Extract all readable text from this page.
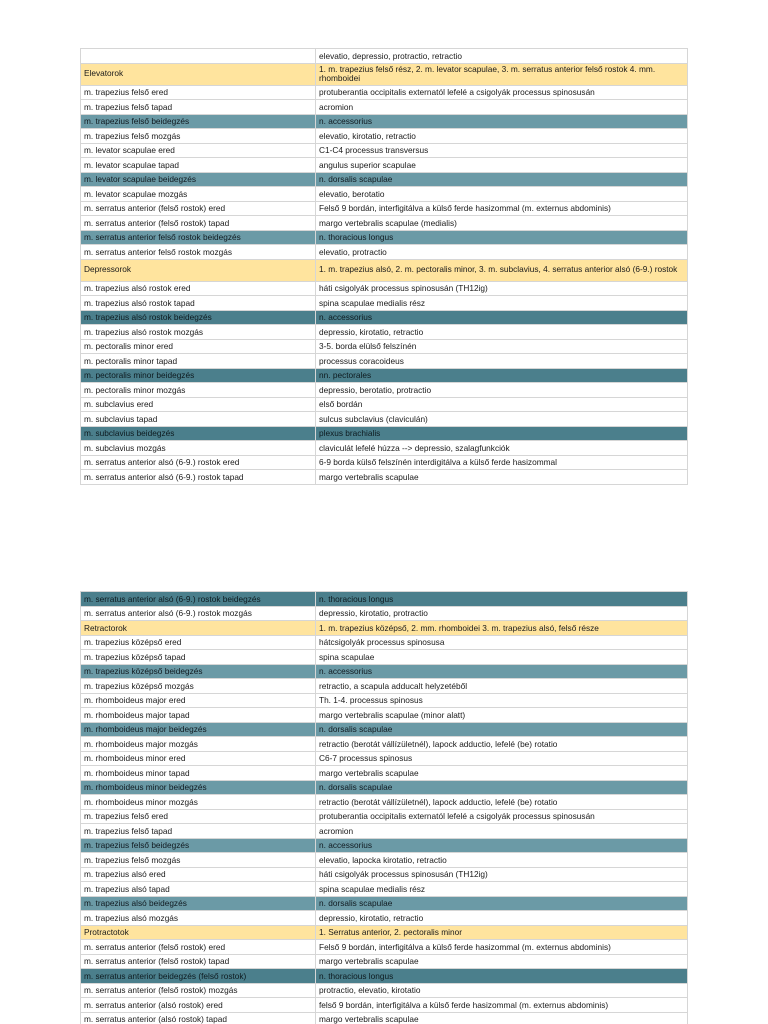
	elevatio, depressio, protractio, retractio
Elevatorok	1. m. trapezius felső rész, 2. m. levator scapulae, 3. m. serratus anterior felső rostok 4. mm. rhomboidei
m. trapezius felső ered	protuberantia occipitalis externatól lefelé a csigolyák processus spinosusán
m. trapezius felső tapad	acromion
m. trapezius felső beidegzés	n. accessorius
m. trapezius felső mozgás	elevatio, kirotatio, retractio
m. levator scapulae ered	C1-C4 processus transversus
m. levator scapulae tapad	angulus superior scapulae
m. levator scapulae beidegzés	n. dorsalis scapulae
m. levator scapulae mozgás	elevatio, berotatio
m. serratus anterior (felső rostok) ered	Felső 9 bordán, interfigitálva a külső ferde hasizommal (m. externus abdominis)
m. serratus anterior (felső rostok) tapad	margo vertebralis scapulae (medialis)
m. serratus anterior felső rostok beidegzés	n. thoracious longus
m. serratus anterior felső rostok mozgás	elevatio, protractio
Depressorok	1. m. trapezius alsó, 2. m. pectoralis minor, 3. m. subclavius, 4. serratus anterior alsó (6-9.) rostok
m. trapezius alsó rostok ered	háti csigolyák processus spinosusán (TH12ig)
m. trapezius alsó rostok tapad	spina scapulae medialis rész
m. trapezius alsó rostok beidegzés	n. accessorius
m. trapezius alsó rostok mozgás	depressio, kirotatio, retractio
m. pectoralis minor ered	3-5. borda elülső felszínén
m. pectoralis minor tapad	processus coracoideus
m. pectoralis minor beidegzés	nn. pectorales
m. pectoralis minor mozgás	depressio, berotatio, protractio
m. subclavius ered	első bordán
m. subclavius tapad	sulcus subclavius (claviculán)
m. subclavius beidegzés	plexus brachialis
m. subclavius mozgás	claviculát lefelé húzza --> depressio, szalagfunkciók
m. serratus anterior alsó (6-9.) rostok ered	6-9 borda külső felszínén interdigitálva a külső ferde hasizommal
m. serratus anterior alsó (6-9.) rostok tapad	margo vertebralis scapulae
m. serratus anterior alsó (6-9.) rostok beidegzés	n. thoracious longus
m. serratus anterior alsó (6-9.) rostok mozgás	depressio, kirotatio, protractio
Retractorok	1. m. trapezius középső, 2. mm. rhomboidei 3. m. trapezius alsó, felső része
m. trapezius középső ered	hátcsigolyák processus spinosusa
m. trapezius középső tapad	spina scapulae
m. trapezius középső beidegzés	n. accessorius
m. trapezius középső mozgás	retractio, a scapula adducalt helyzetéből
m. rhomboideus major ered	Th. 1-4. processus spinosus
m. rhomboideus major tapad	margo vertebralis scapulae (minor alatt)
m. rhomboideus major beidegzés	n. dorsalis scapulae
m. rhomboideus major mozgás	retractio (berotát vállízületnél), lapock adductio, lefelé (be) rotatio
m. rhomboideus minor ered	C6-7 processus spinosus
m. rhomboideus minor tapad	margo vertebralis scapulae
m. rhomboideus minor beidegzés	n. dorsalis scapulae
m. rhomboideus minor mozgás	retractio (berotát vállízületnél), lapock adductio, lefelé (be) rotatio
m. trapezius felső ered	protuberantia occipitalis externatól lefelé a csigolyák processus spinosusán
m. trapezius felső tapad	acromion
m. trapezius felső beidegzés	n. accessorius
m. trapezius felső mozgás	elevatio, lapocka kirotatio, retractio
m. trapezius alsó ered	háti csigolyák processus spinosusán (TH12ig)
m. trapezius alsó tapad	spina scapulae medialis rész
m. trapezius alsó beidegzés	n. dorsalis scapulae
m. trapezius alsó mozgás	depressio, kirotatio, retractio
Protractotok	1. Serratus anterior, 2. pectoralis minor
m. serratus anterior (felső rostok) ered	Felső 9 bordán, interfigitálva a külső ferde hasizommal (m. externus abdominis)
m. serratus anterior (felső rostok) tapad	margo vertebralis scapulae
m. serratus anterior beidegzés (felső rostok)	n. thoracious longus
m. serratus anterior (felső rostok) mozgás	protractio, elevatio, kirotatio
m. serratus anterior (alsó rostok) ered	felső 9 bordán, interfigitálva a külső ferde hasizommal (m. externus abdominis)
m. serratus anterior (alsó rostok) tapad	margo vertebralis scapulae
